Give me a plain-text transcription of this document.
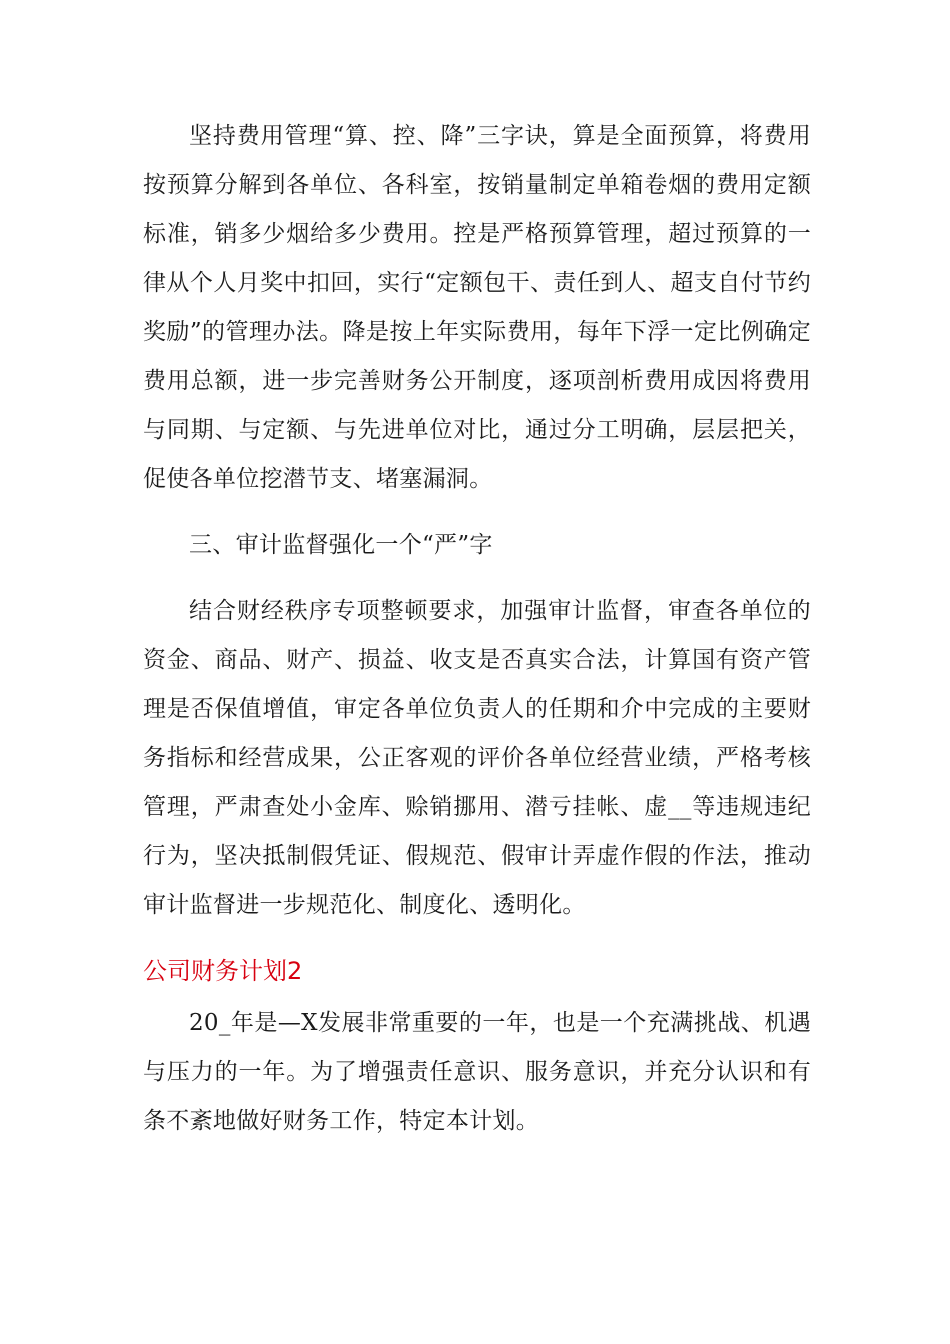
坚持费用管理“算、控、降”三字诀，算是全面预算，将费用按预算分解到各单位、各科室，按销量制定单箱卷烟的费用定额标准，销多少烟给多少费用。控是严格预算管理，超过预算的一律从个人月奖中扣回，实行“定额包干、责任到人、超支自付节约奖励”的管理办法。降是按上年实际费用，每年下浮一定比例确定费用总额，进一步完善财务公开制度，逐项剖析费用成因将费用与同期、与定额、与先进单位对比，通过分工明确，层层把关，促使各单位挖潜节支、堵塞漏洞。

三、审计监督强化一个“严”字

结合财经秩序专项整顿要求，加强审计监督，审查各单位的资金、商品、财产、损益、收支是否真实合法，计算国有资产管理是否保值增值，审定各单位负责人的任期和介中完成的主要财务指标和经营成果，公正客观的评价各单位经营业绩，严格考核管理，严肃查处小金库、赊销挪用、潜亏挂帐、虚__等违规违纪行为，坚决抵制假凭证、假规范、假审计弄虚作假的作法，推动审计监督进一步规范化、制度化、透明化。

公司财务计划2

20_年是—X发展非常重要的一年，也是一个充满挑战、机遇与压力的一年。为了增强责任意识、服务意识，并充分认识和有条不紊地做好财务工作，特定本计划。
